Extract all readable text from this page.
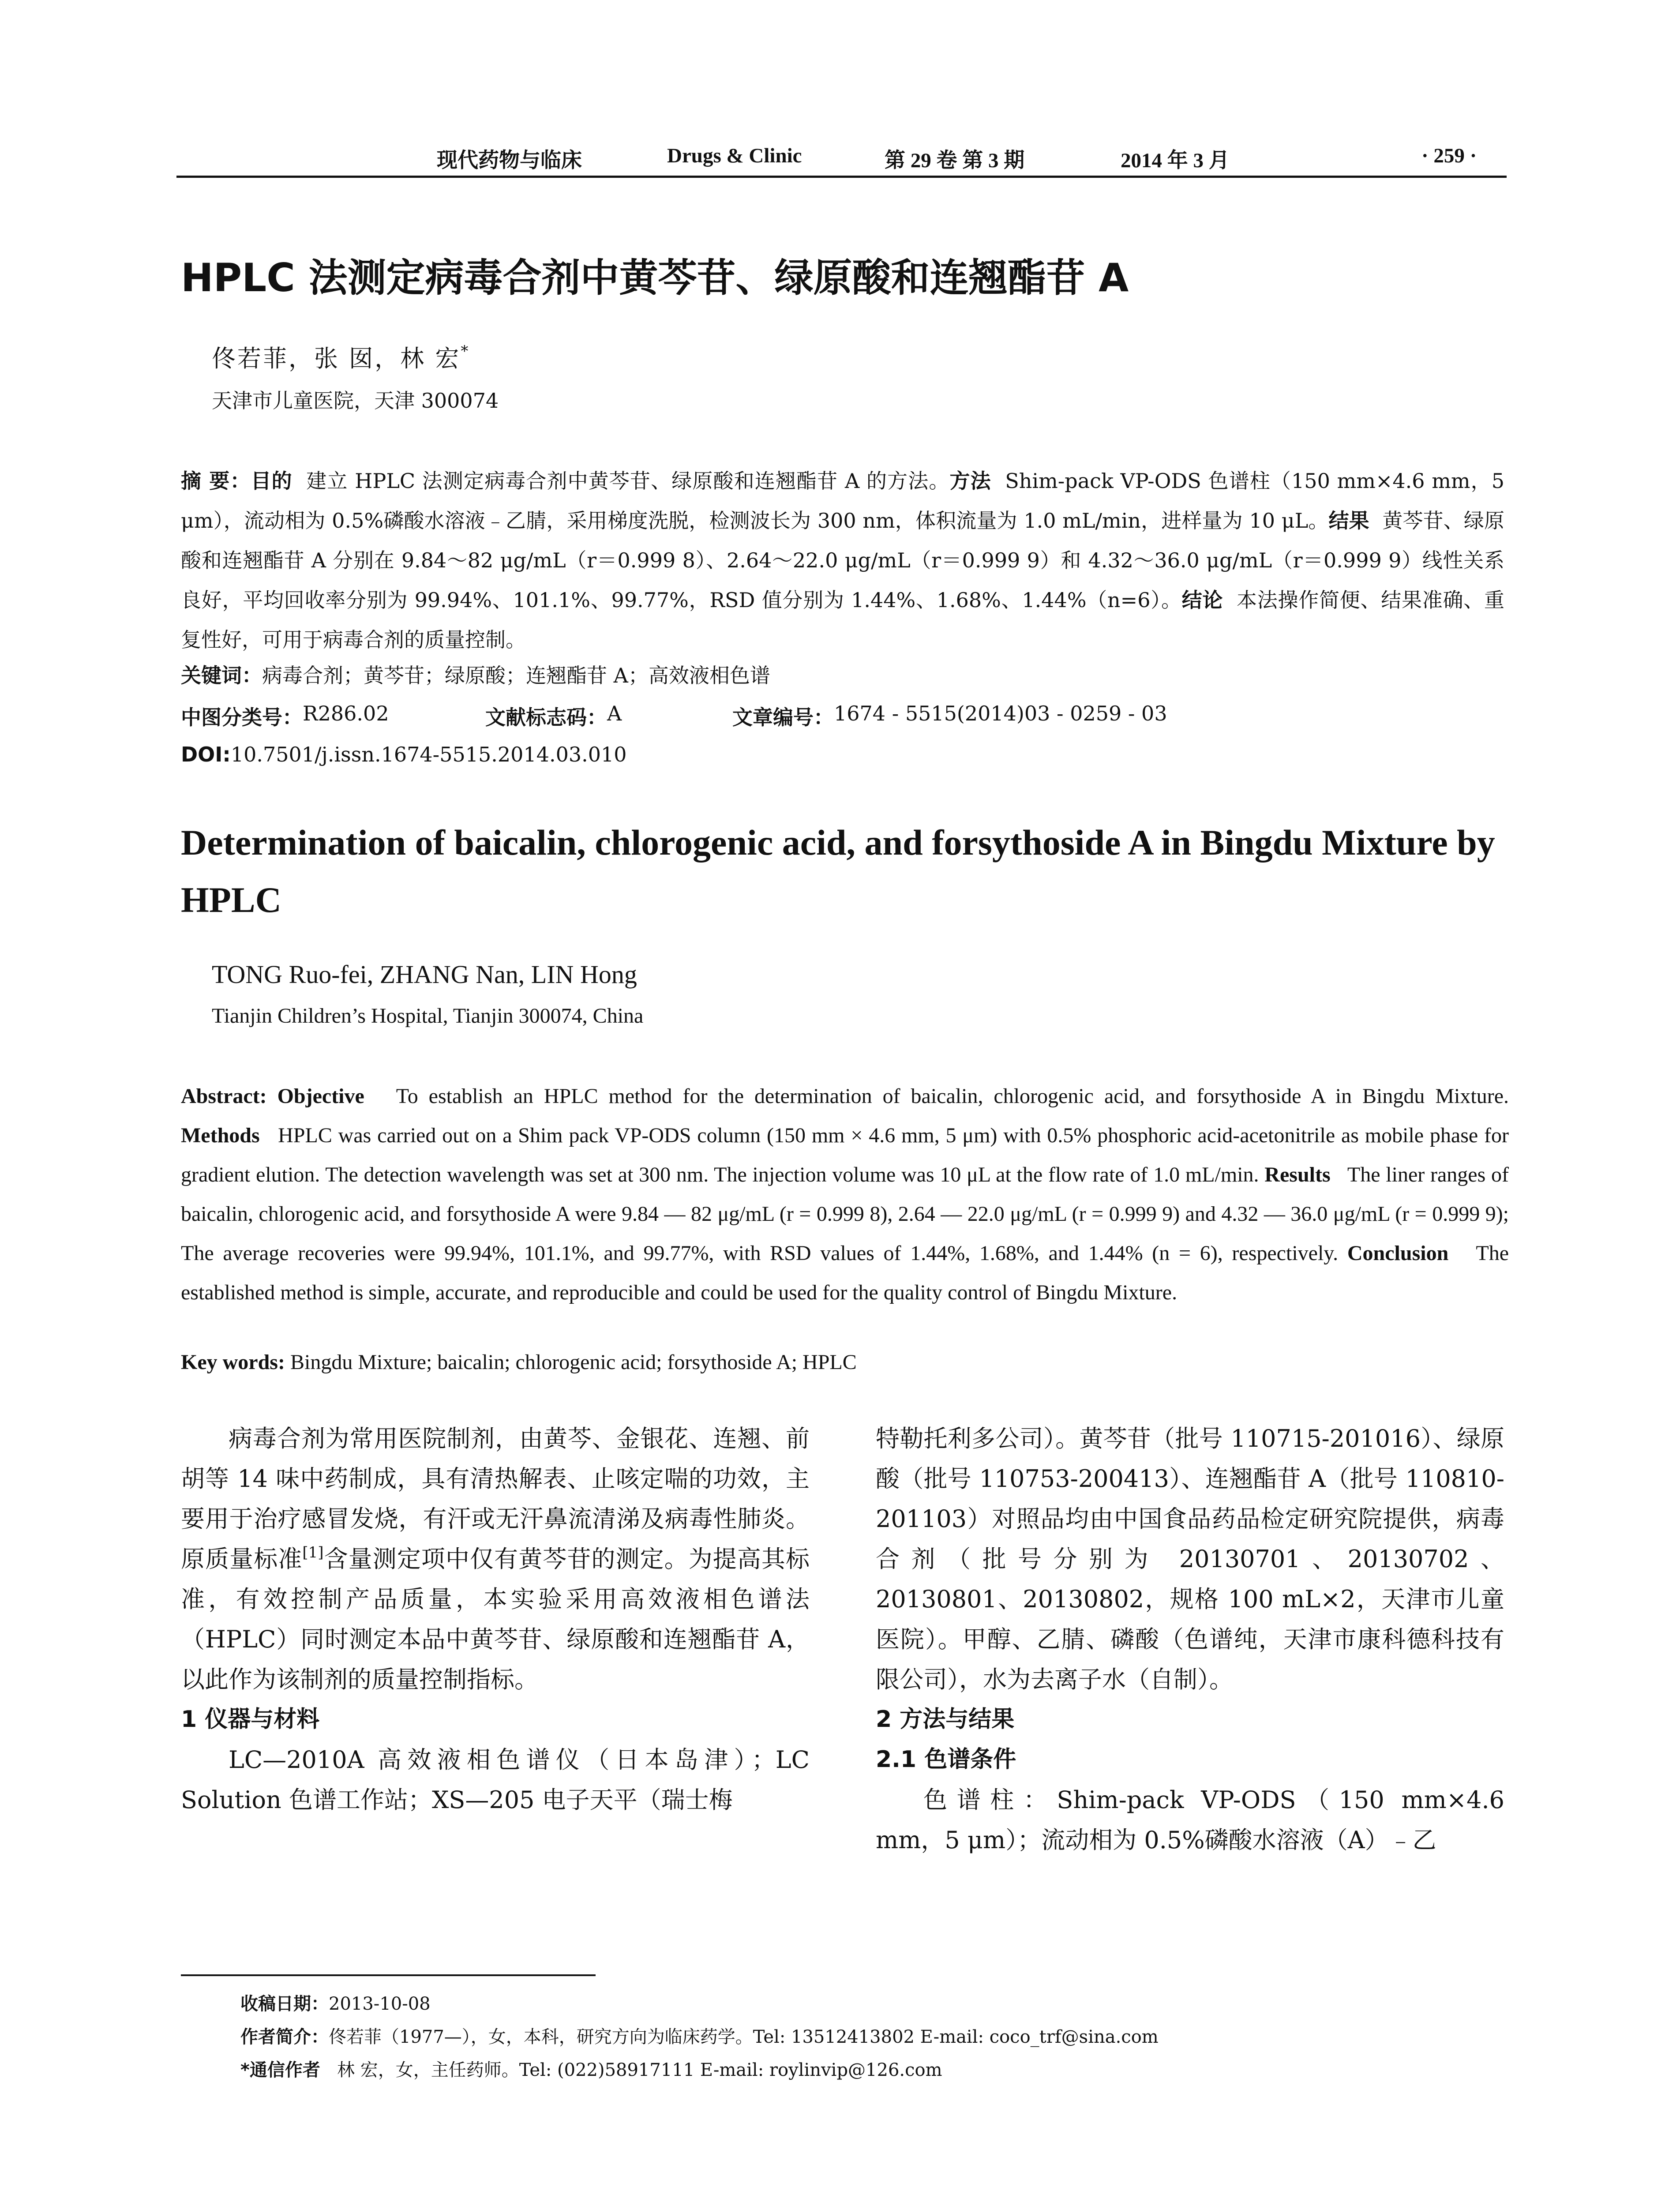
现代药物与临床	Drugs & Clinic	第 29 卷 第 3 期	2014 年 3 月	· 259 ·
HPLC 法测定病毒合剂中黄芩苷、绿原酸和连翘酯苷 A
佟若菲，张 囡，林 宏*
天津市儿童医院，天津 300074
摘 要：目的 建立 HPLC 法测定病毒合剂中黄芩苷、绿原酸和连翘酯苷 A 的方法。方法 Shim-pack VP-ODS 色谱柱（150 mm×4.6 mm，5 μm），流动相为 0.5%磷酸水溶液﹣乙腈，采用梯度洗脱，检测波长为 300 nm，体积流量为 1.0 mL/min，进样量为 10 μL。结果 黄芩苷、绿原酸和连翘酯苷 A 分别在 9.84～82 μg/mL（r＝0.999 8）、2.64～22.0 μg/mL（r＝0.999 9）和 4.32～36.0 μg/mL（r＝0.999 9）线性关系良好，平均回收率分别为 99.94%、101.1%、99.77%，RSD 值分别为 1.44%、1.68%、1.44%（n=6）。结论 本法操作简便、结果准确、重复性好，可用于病毒合剂的质量控制。
关键词：病毒合剂；黄芩苷；绿原酸；连翘酯苷 A；高效液相色谱
中图分类号： R286.02	文献标志码： A	文章编号： 1674 - 5515(2014)03 - 0259 - 03
DOI:10.7501/j.issn.1674-5515.2014.03.010
Determination of baicalin, chlorogenic acid, and forsythoside A in Bingdu Mixture by HPLC
TONG Ruo-fei, ZHANG Nan, LIN Hong
Tianjin Children’s Hospital, Tianjin 300074, China
Abstract: Objective To establish an HPLC method for the determination of baicalin, chlorogenic acid, and forsythoside A in Bingdu Mixture. Methods HPLC was carried out on a Shim pack VP-ODS column (150 mm × 4.6 mm, 5 μm) with 0.5% phosphoric acid-acetonitrile as mobile phase for gradient elution. The detection wavelength was set at 300 nm. The injection volume was 10 μL at the flow rate of 1.0 mL/min. Results The liner ranges of baicalin, chlorogenic acid, and forsythoside A were 9.84 — 82 μg/mL (r = 0.999 8), 2.64 — 22.0 μg/mL (r = 0.999 9) and 4.32 — 36.0 μg/mL (r = 0.999 9); The average recoveries were 99.94%, 101.1%, and 99.77%, with RSD values of 1.44%, 1.68%, and 1.44% (n = 6), respectively. Conclusion The established method is simple, accurate, and reproducible and could be used for the quality control of Bingdu Mixture.
Key words: Bingdu Mixture; baicalin; chlorogenic acid; forsythoside A; HPLC

病毒合剂为常用医院制剂，由黄芩、金银花、连翘、前胡等 14 味中药制成，具有清热解表、止咳定喘的功效，主要用于治疗感冒发烧，有汗或无汗鼻流清涕及病毒性肺炎。原质量标准[1]含量测定项中仅有黄芩苷的测定。为提高其标准，有效控制产品质量，本实验采用高效液相色谱法（HPLC）同时测定本品中黄芩苷、绿原酸和连翘酯苷 A，以此作为该制剂的质量控制指标。

1 仪器与材料

LC—2010A 高效液相色谱仪（日本岛津）；LC Solution 色谱工作站；XS—205 电子天平（瑞士梅

特勒托利多公司）。黄芩苷（批号 110715-201016）、绿原酸（批号 110753-200413）、连翘酯苷 A（批号 110810-201103）对照品均由中国食品药品检定研究院提供，病毒合剂（批号分别为 20130701、20130702、20130801、20130802，规格 100 mL×2，天津市儿童医院）。甲醇、乙腈、磷酸（色谱纯，天津市康科德科技有限公司），水为去离子水（自制）。

2 方法与结果

2.1 色谱条件

色谱柱：Shim-pack VP-ODS（150 mm×4.6 mm，5 μm）；流动相为 0.5%磷酸水溶液（A）﹣乙

收稿日期：2013-10-08
作者简介：佟若菲（1977—），女，本科，研究方向为临床药学。Tel: 13512413802 E-mail: coco_trf@sina.com
*通信作者 林 宏，女，主任药师。Tel: (022)58917111 E-mail: roylinvip@126.com
